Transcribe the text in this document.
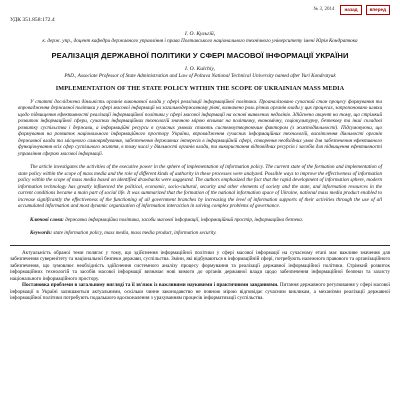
№ 3, 2014	назад	вперед
УДК 351.858:172.4
І. О. Кульгій,
к. держ. упр., доцент кафедри державного управління і права Полтавського національного технічного університету імені Юрія Кондратюка
РЕАЛІЗАЦІЯ ДЕРЖАВНОЇ ПОЛІТИКИ У СФЕРІ МАСОВОЇ ІНФОРМАЦІЇ УКРАЇНИ
I. O. Kulchiy,
PhD., Associate Professor of State Administration and Law of Poltava National Technical University named after Yuri Kondratyuk
IMPLEMENTATION OF THE STATE POLICY WITHIN THE SCOPE OF UKRAINIAN MASS MEDIA
У статті досліджена діяльність органів виконавчої влади у сфері реалізації інформаційної політики. Проаналізовано сучасний стан процесу формування та впровадження державної політики у сфері масової інформації на загальнодержавному рівні, визначено роль різних органів влади у цих процесах, запропоновано шляхи щодо підвищення ефективності реалізації інформаційної політики у сфері масової інформації на основі виявлених недоліків. Здійснено акцент на тому, що стрімкий розвиток інформаційної сфери, сучасних інформаційних технологій значною мірою впливає на політичну, економічну, соціокультурну, безпекову та інші складові розвитку суспільства і держави, а інформаційні ресурси в сучасних умовах стають системоутворюючим фактором (з жиєтодіяльності). Підсумовуючи, що формування на розвиток національного інформаційного простору України, впровадження сучасних інформаційних технологій, висвітлення діяльності органів державної влади та місцевого самоврядування, забезпечення державних інтересів в інформаційній сфері, створення необхідних умов для забезпечення ефективного функціонування всіх сфер суспільного життя, в тому числі у діяльності органів влади, та використання відповідних ресурсів і засобів для підвищення ефективності управління сферою масової інформації.
The article investigates the activities of the executive power in the sphere of implementation of information policy. The current state of the formation and implementation of state policy within the scope of mass media and the role of different kinds of authority in these processes were analyzed. Possible ways to improve the effectiveness of information policy within the scope of mass media based on identified drawbacks were suggested. The authors emphasized the fact that the rapid development of information sphere, modern information technology has greatly influenced the political, economic, socio-cultural, security and other elements of society and the state, and information resources in the current conditions became a main part of social life. It was summarized that the formation of the national information space of Ukraine, national mass media product enabled to increase significantly the effectiveness of the functioning of all government branches by increasing the level of information supports of their activities through the use of all accumulated information and most dynamic organization of information interaction in solving complex problems of governance.
Ключові слова: державна інформаційна політика, засоби масової інформації, інформаційний простір, інформаційна безпека.
Keywords: state information policy, mass media, mass media product, information security.

Актуальність обраної теми полягає у тому, що здійснення інформаційної політики у сфері масової інформації на сучасному етапі має важливе значення для забезпечення суверенітету та національної безпеки держави, суспільства. Зміни, які відбуваються в інформаційній сфері, потребують належного правового та організаційного забезпечення, що зумовлює необхідність здійснення системного аналізу процесу формування та реалізації державної інформаційної політики. Стрімкий розвиток інформаційних технологій та засобів масової інформації визначає нові вимоги до органів державної влади щодо забезпечення інформаційної безпеки та захисту національного інформаційного простору.

Постановка проблеми в загальному вигляді та її зв'язок із важливими науковими і практичними завданнями. Питання державного регулювання у сфері масової інформації в Україні залишаються актуальними, оскільки чинне законодавство не повною мірою відповідає сучасним викликам, а механізми реалізації державної інформаційної політики потребують подальшого вдосконалення з урахуванням процесів інформатизації суспільства.
